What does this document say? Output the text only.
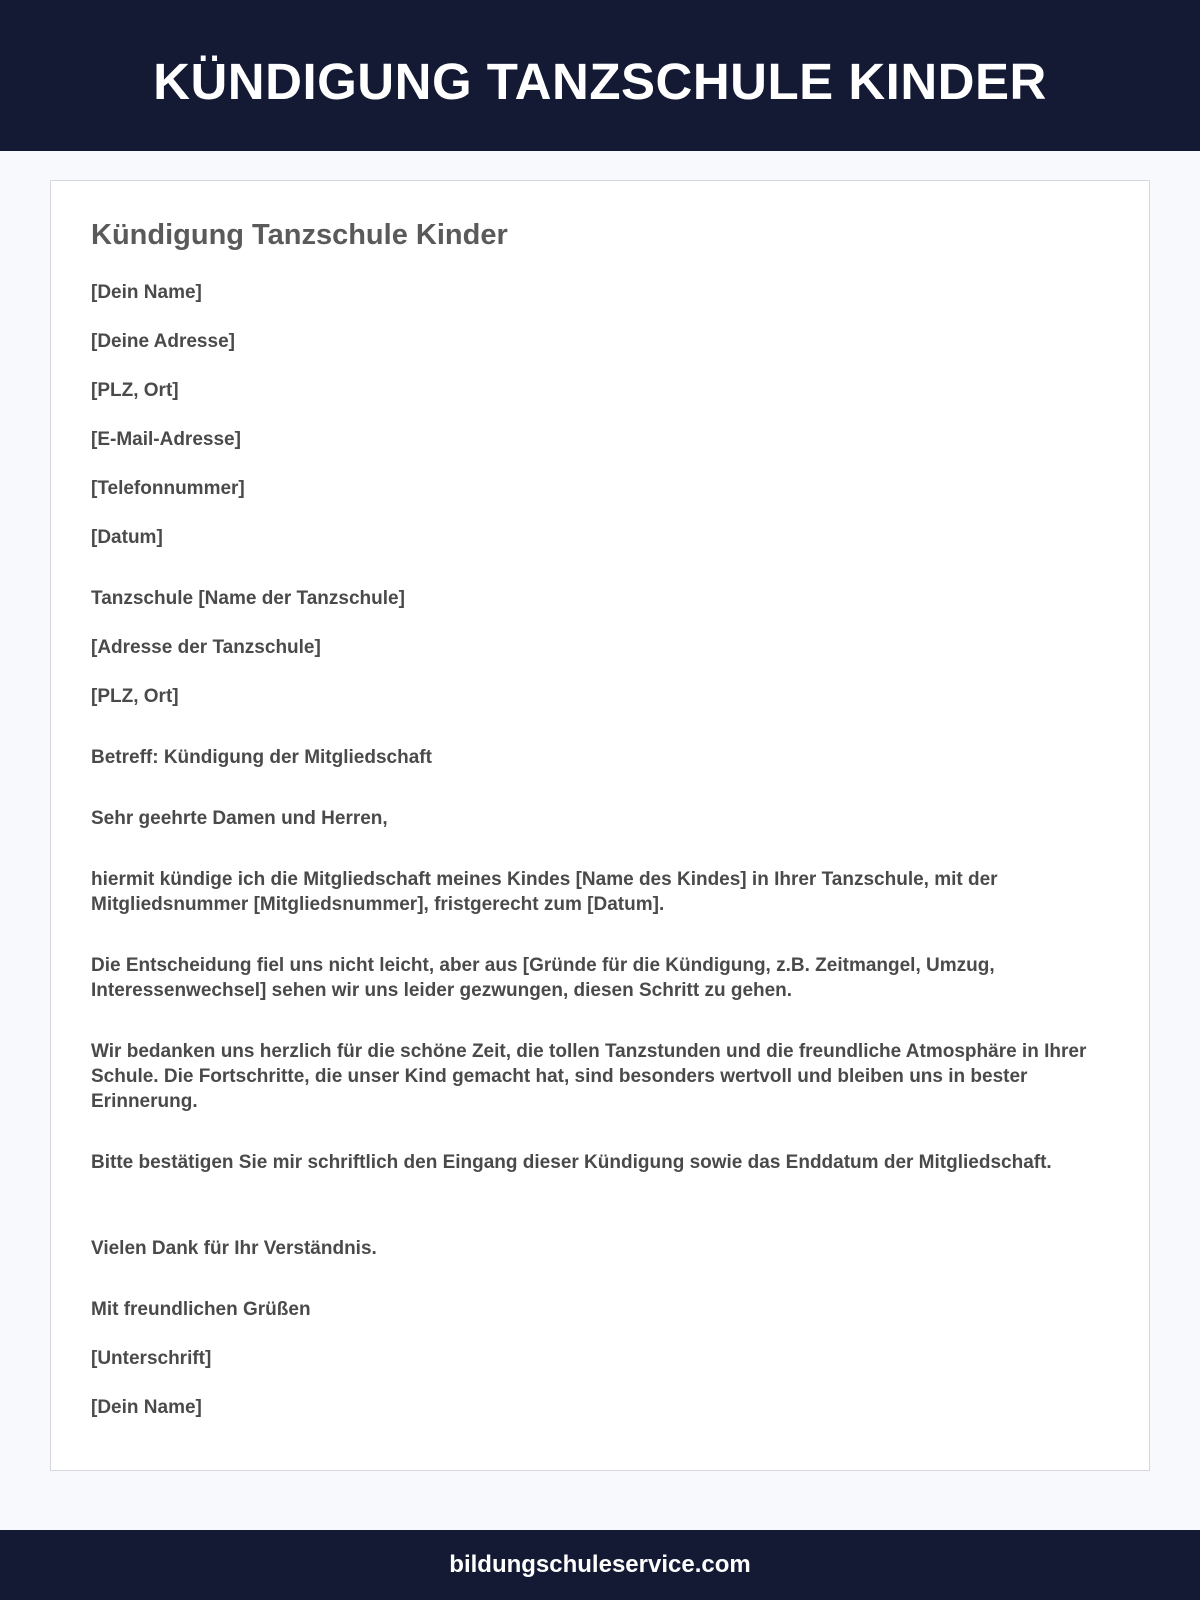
KÜNDIGUNG TANZSCHULE KINDER
Kündigung Tanzschule Kinder

[Dein Name]

[Deine Adresse]

[PLZ, Ort]

[E-Mail-Adresse]

[Telefonnummer]

[Datum]

Tanzschule [Name der Tanzschule]

[Adresse der Tanzschule]

[PLZ, Ort]

Betreff: Kündigung der Mitgliedschaft

Sehr geehrte Damen und Herren,

hiermit kündige ich die Mitgliedschaft meines Kindes [Name des Kindes] in Ihrer Tanzschule, mit der Mitgliedsnummer [Mitgliedsnummer], fristgerecht zum [Datum].

Die Entscheidung fiel uns nicht leicht, aber aus [Gründe für die Kündigung, z.B. Zeitmangel, Umzug, Interessenwechsel] sehen wir uns leider gezwungen, diesen Schritt zu gehen.

Wir bedanken uns herzlich für die schöne Zeit, die tollen Tanzstunden und die freundliche Atmosphäre in Ihrer Schule. Die Fortschritte, die unser Kind gemacht hat, sind besonders wertvoll und bleiben uns in bester Erinnerung.

Bitte bestätigen Sie mir schriftlich den Eingang dieser Kündigung sowie das Enddatum der Mitgliedschaft.

Vielen Dank für Ihr Verständnis.

Mit freundlichen Grüßen

[Unterschrift]

[Dein Name]

bildungschuleservice.com
